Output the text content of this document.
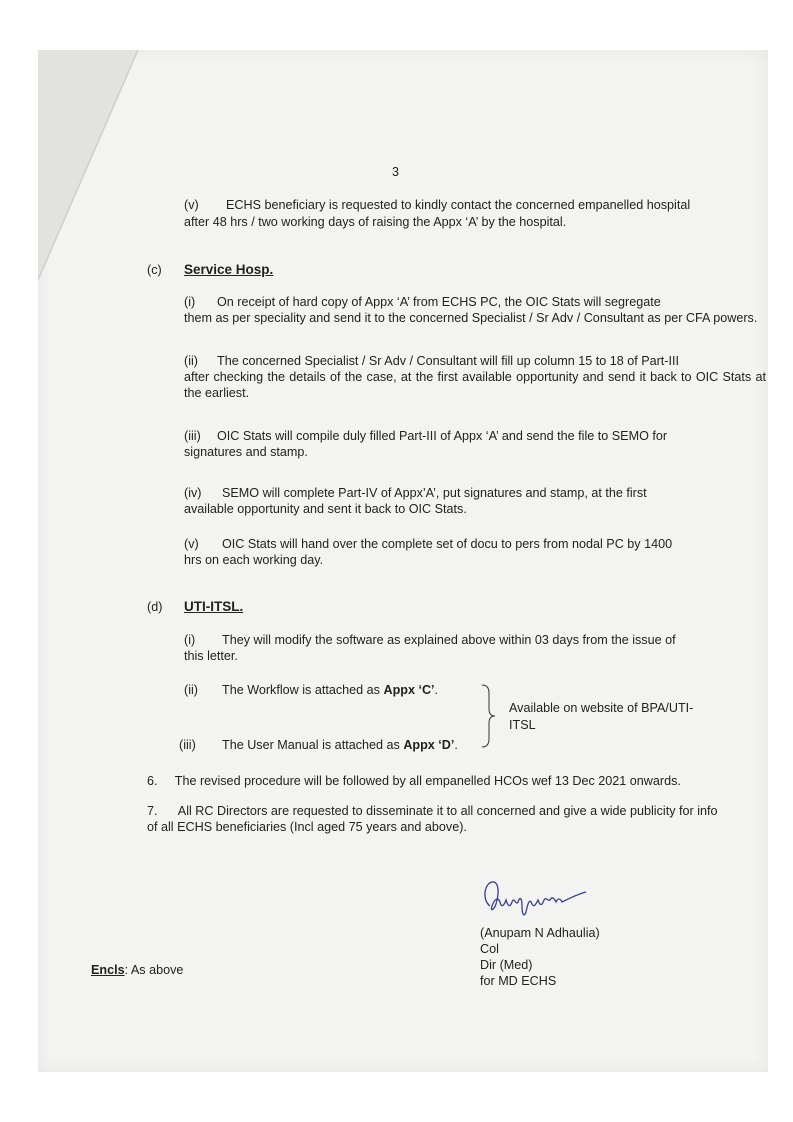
3
(v) ECHS beneficiary is requested to kindly contact the concerned empanelled hospital
after 48 hrs / two working days of raising the Appx ‘A’ by the hospital.
(c) Service Hosp.
(i) On receipt of hard copy of Appx ‘A’ from ECHS PC, the OIC Stats will segregate
them as per speciality and send it to the concerned Specialist / Sr Adv / Consultant as per CFA powers.
(ii) The concerned Specialist / Sr Adv / Consultant will fill up column 15 to 18 of Part-III
after checking the details of the case, at the first available opportunity and send it back to OIC Stats at the earliest.
(iii) OIC Stats will compile duly filled Part-III of Appx ‘A’ and send the file to SEMO for
signatures and stamp.
(iv) SEMO will complete Part-IV of Appx’A’, put signatures and stamp, at the first
available opportunity and sent it back to OIC Stats.
(v) OIC Stats will hand over the complete set of docu to pers from nodal PC by 1400
hrs on each working day.
(d) UTI-ITSL.
(i) They will modify the software as explained above within 03 days from the issue of
this letter.
(ii) The Workflow is attached as Appx ‘C’.
(iii) The User Manual is attached as Appx ‘D’.
Available on website of BPA/UTI-
ITSL
6.     The revised procedure will be followed by all empanelled HCOs wef 13 Dec 2021 onwards.
7.      All RC Directors are requested to disseminate it to all concerned and give a wide publicity for info
of all ECHS beneficiaries (Incl aged 75 years and above).
(Anupam N Adhaulia)
Col
Dir (Med)
for MD ECHS
Encls: As above
